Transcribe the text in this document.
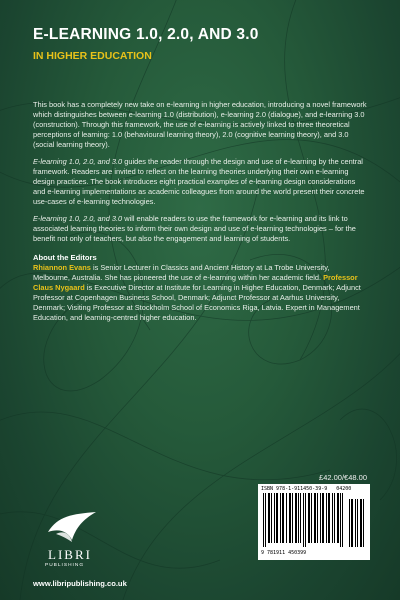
E-LEARNING 1.0, 2.0, AND 3.0
IN HIGHER EDUCATION

This book has a completely new take on e-learning in higher education, introducing a novel framework which distinguishes between e-learning 1.0 (distribution), e-learning 2.0 (dialogue), and e-learning 3.0 (construction). Through this framework, the use of e-learning is actively linked to three theoretical perceptions of learning: 1.0 (behavioural learning theory), 2.0 (cognitive learning theory), and 3.0 (social learning theory).

E-learning 1.0, 2.0, and 3.0 guides the reader through the design and use of e-learning by the central framework. Readers are invited to reflect on the learning theories underlying their own e-learning design practices. The book introduces eight practical examples of e-learning design considerations and e-learning implementations as academic colleagues from around the world present their concrete use-cases of e-learning technologies.

E-learning 1.0, 2.0, and 3.0 will enable readers to use the framework for e-learning and its link to associated learning theories to inform their own design and use of e-learning technologies – for the benefit not only of teachers, but also the engagement and learning of students.

About the Editors
Rhiannon Evans is Senior Lecturer in Classics and Ancient History at La Trobe University, Melbourne, Australia. She has pioneered the use of e-learning within her academic field. Professor Claus Nygaard is Executive Director at Institute for Learning in Higher Education, Denmark; Adjunct Professor at Copenhagen Business School, Denmark; Adjunct Professor at Aarhus University, Denmark; Visiting Professor at Stockholm School of Economics Riga, Latvia. Expert in Management Education, and learning-centred higher education.
£42.00/€48.00
ISBN 978-1-911450-39-9 04200
9 781911 450399
LIBRI
PUBLISHING
www.libripublishing.co.uk
